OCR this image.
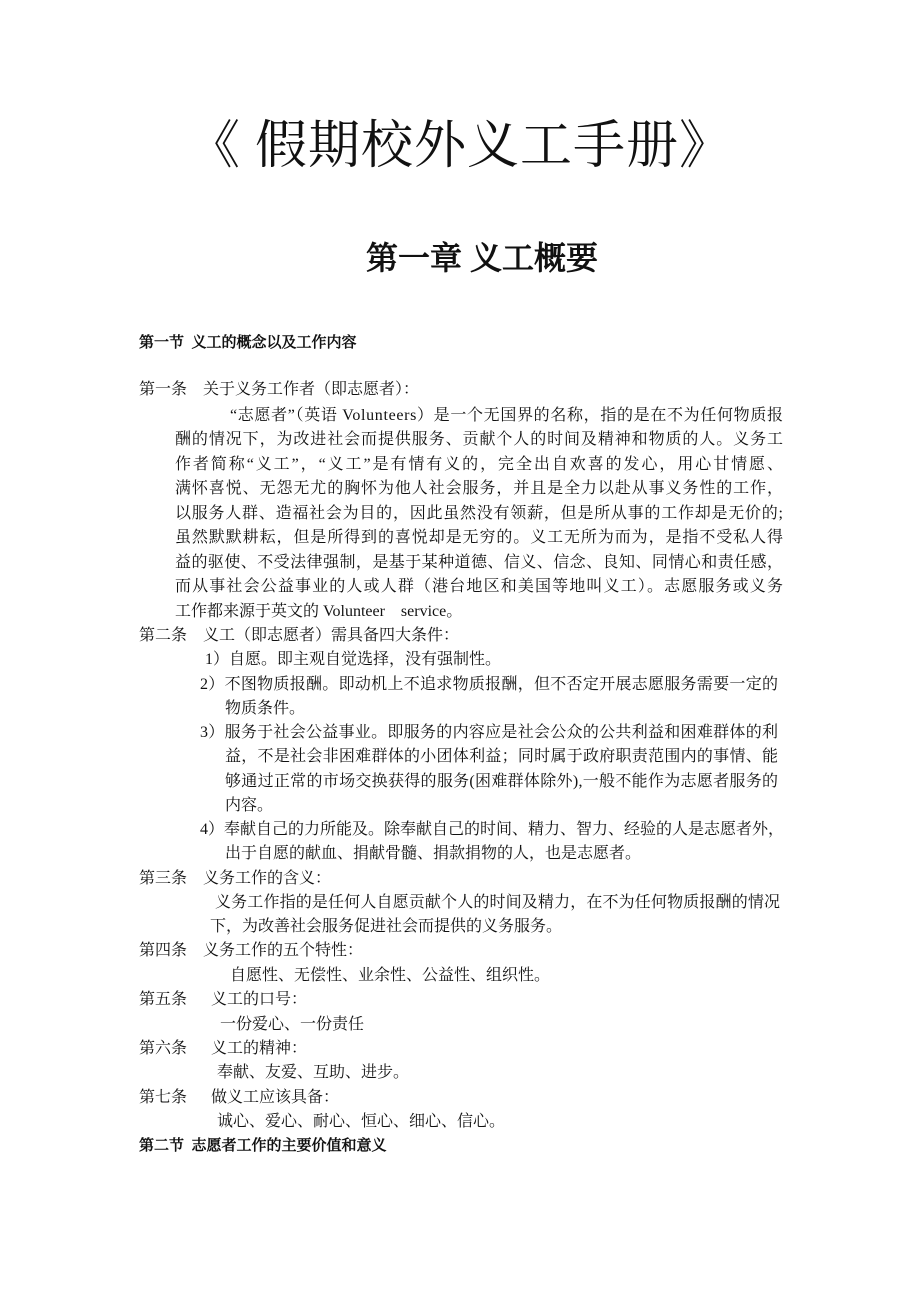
《 假期校外义工手册》
第一章 义工概要
第一节  义工的概念以及工作内容
第一条    关于义务工作者（即志愿者）：
“志愿者”（英语 Volunteers）是一个无国界的名称，指的是在不为任何物质报
酬的情况下，为改进社会而提供服务、贡献个人的时间及精神和物质的人。义务工
作者简称“义工”，“义工”是有情有义的，完全出自欢喜的发心，用心甘情愿、
满怀喜悦、无怨无尤的胸怀为他人社会服务，并且是全力以赴从事义务性的工作，
以服务人群、造福社会为目的，因此虽然没有领薪，但是所从事的工作却是无价的;
虽然默默耕耘，但是所得到的喜悦却是无穷的。义工无所为而为，是指不受私人得
益的驱使、不受法律强制，是基于某种道德、信义、信念、良知、同情心和责任感，
而从事社会公益事业的人或人群（港台地区和美国等地叫义工）。志愿服务或义务
工作都来源于英文的 Volunteer    service。
第二条    义工（即志愿者）需具备四大条件：
1）自愿。即主观自觉选择，没有强制性。
2）不图物质报酬。即动机上不追求物质报酬，但不否定开展志愿服务需要一定的
物质条件。
3）服务于社会公益事业。即服务的内容应是社会公众的公共利益和困难群体的利
益，不是社会非困难群体的小团体利益；同时属于政府职责范围内的事情、能
够通过正常的市场交换获得的服务(困难群体除外),一般不能作为志愿者服务的
内容。
4）奉献自己的力所能及。除奉献自己的时间、精力、智力、经验的人是志愿者外，
出于自愿的献血、捐献骨髓、捐款捐物的人，也是志愿者。
第三条    义务工作的含义：
义务工作指的是任何人自愿贡献个人的时间及精力，在不为任何物质报酬的情况
下，为改善社会服务促进社会而提供的义务服务。
第四条    义务工作的五个特性：
自愿性、无偿性、业余性、公益性、组织性。
第五条      义工的口号：
一份爱心、一份责任
第六条      义工的精神：
奉献、友爱、互助、进步。
第七条      做义工应该具备：
诚心、爱心、耐心、恒心、细心、信心。
第二节  志愿者工作的主要价值和意义
